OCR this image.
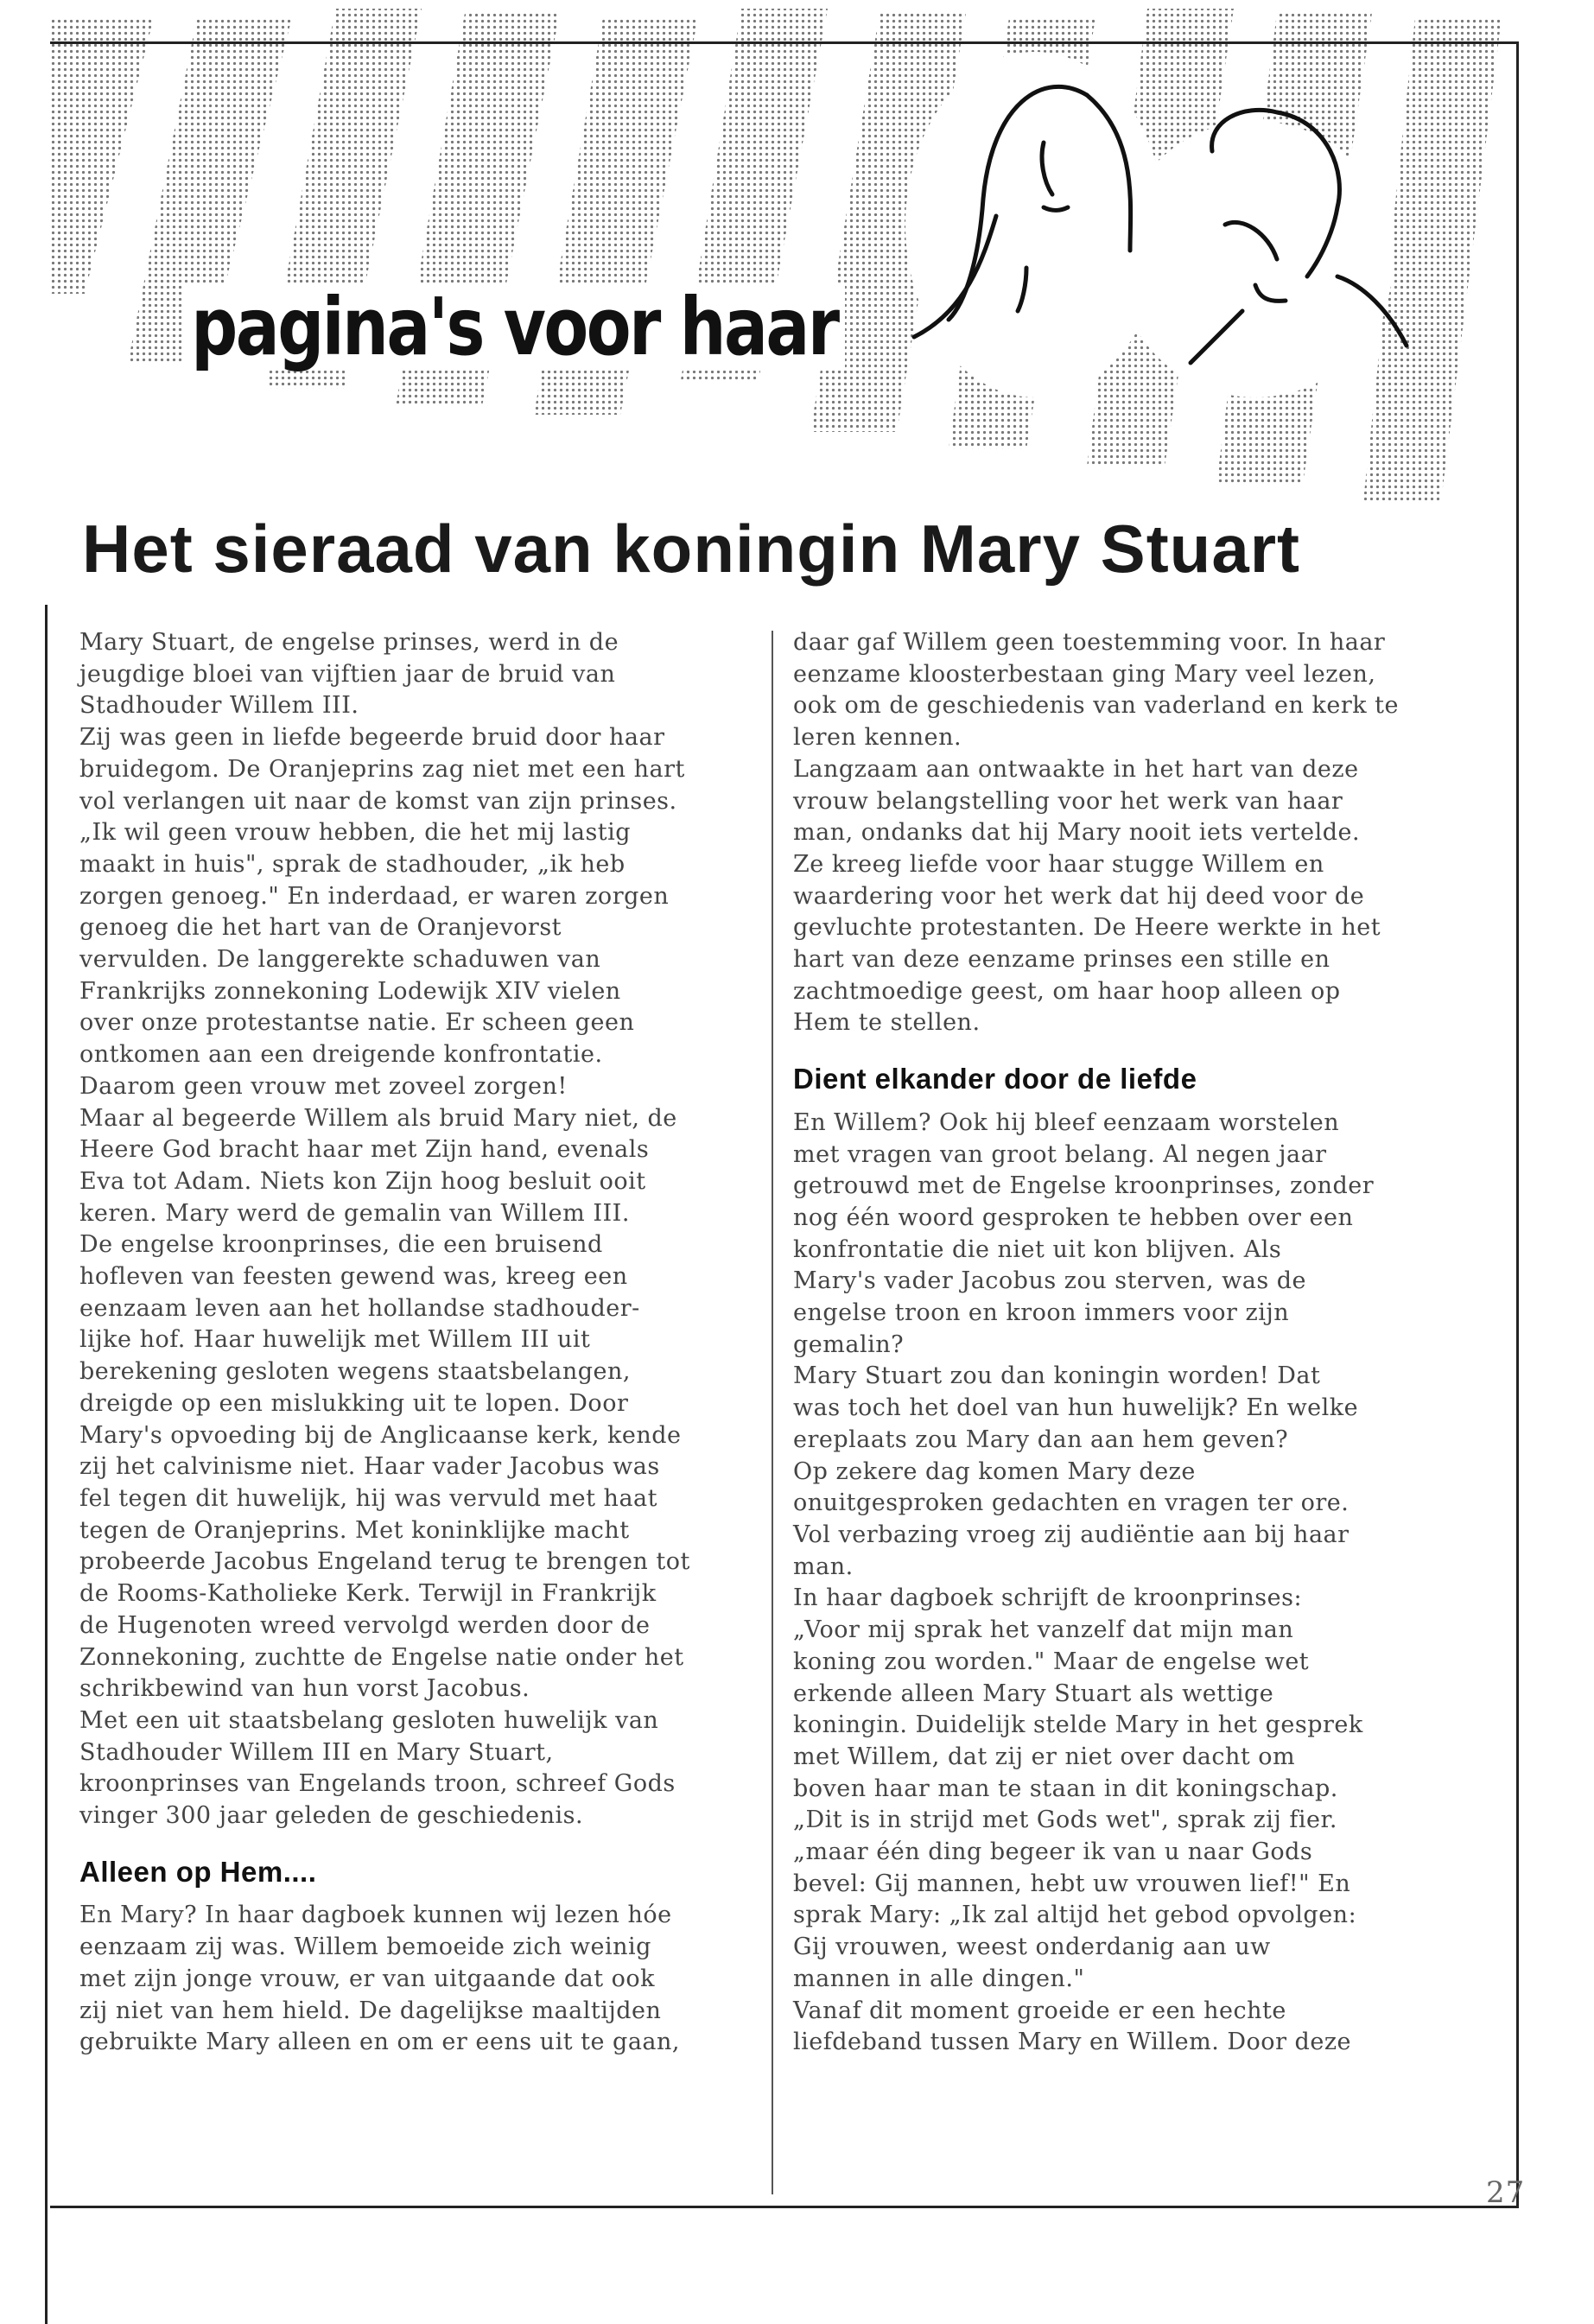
pagina's voor haar
Het sieraad van koningin Mary Stuart

Mary Stuart, de engelse prinses, werd in de

jeugdige bloei van vijftien jaar de bruid van

Stadhouder Willem III.

Zij was geen in liefde begeerde bruid door haar

bruidegom. De Oranjeprins zag niet met een hart

vol verlangen uit naar de komst van zijn prinses.

„Ik wil geen vrouw hebben, die het mij lastig

maakt in huis", sprak de stadhouder, „ik heb

zorgen genoeg." En inderdaad, er waren zorgen

genoeg die het hart van de Oranjevorst

vervulden. De langgerekte schaduwen van

Frankrijks zonnekoning Lodewijk XIV vielen

over onze protestantse natie. Er scheen geen

ontkomen aan een dreigende konfrontatie.

Daarom geen vrouw met zoveel zorgen!

Maar al begeerde Willem als bruid Mary niet, de

Heere God bracht haar met Zijn hand, evenals

Eva tot Adam. Niets kon Zijn hoog besluit ooit

keren. Mary werd de gemalin van Willem III.

De engelse kroonprinses, die een bruisend

hofleven van feesten gewend was, kreeg een

eenzaam leven aan het hollandse stadhouder-

lijke hof. Haar huwelijk met Willem III uit

berekening gesloten wegens staatsbelangen,

dreigde op een mislukking uit te lopen. Door

Mary's opvoeding bij de Anglicaanse kerk, kende

zij het calvinisme niet. Haar vader Jacobus was

fel tegen dit huwelijk, hij was vervuld met haat

tegen de Oranjeprins. Met koninklijke macht

probeerde Jacobus Engeland terug te brengen tot

de Rooms-Katholieke Kerk. Terwijl in Frankrijk

de Hugenoten wreed vervolgd werden door de

Zonnekoning, zuchtte de Engelse natie onder het

schrikbewind van hun vorst Jacobus.

Met een uit staatsbelang gesloten huwelijk van

Stadhouder Willem III en Mary Stuart,

kroonprinses van Engelands troon, schreef Gods

vinger 300 jaar geleden de geschiedenis.

Alleen op Hem....

En Mary? In haar dagboek kunnen wij lezen hóe

eenzaam zij was. Willem bemoeide zich weinig

met zijn jonge vrouw, er van uitgaande dat ook

zij niet van hem hield. De dagelijkse maaltijden

gebruikte Mary alleen en om er eens uit te gaan,

daar gaf Willem geen toestemming voor. In haar

eenzame kloosterbestaan ging Mary veel lezen,

ook om de geschiedenis van vaderland en kerk te

leren kennen.

Langzaam aan ontwaakte in het hart van deze

vrouw belangstelling voor het werk van haar

man, ondanks dat hij Mary nooit iets vertelde.

Ze kreeg liefde voor haar stugge Willem en

waardering voor het werk dat hij deed voor de

gevluchte protestanten. De Heere werkte in het

hart van deze eenzame prinses een stille en

zachtmoedige geest, om haar hoop alleen op

Hem te stellen.

Dient elkander door de liefde

En Willem? Ook hij bleef eenzaam worstelen

met vragen van groot belang. Al negen jaar

getrouwd met de Engelse kroonprinses, zonder

nog één woord gesproken te hebben over een

konfrontatie die niet uit kon blijven. Als

Mary's vader Jacobus zou sterven, was de

engelse troon en kroon immers voor zijn

gemalin?

Mary Stuart zou dan koningin worden! Dat

was toch het doel van hun huwelijk? En welke

ereplaats zou Mary dan aan hem geven?

Op zekere dag komen Mary deze

onuitgesproken gedachten en vragen ter ore.

Vol verbazing vroeg zij audiëntie aan bij haar

man.

In haar dagboek schrijft de kroonprinses:

„Voor mij sprak het vanzelf dat mijn man

koning zou worden." Maar de engelse wet

erkende alleen Mary Stuart als wettige

koningin. Duidelijk stelde Mary in het gesprek

met Willem, dat zij er niet over dacht om

boven haar man te staan in dit koningschap.

„Dit is in strijd met Gods wet", sprak zij fier.

„maar één ding begeer ik van u naar Gods

bevel: Gij mannen, hebt uw vrouwen lief!" En

sprak Mary: „Ik zal altijd het gebod opvolgen:

Gij vrouwen, weest onderdanig aan uw

mannen in alle dingen."

Vanaf dit moment groeide er een hechte

liefdeband tussen Mary en Willem. Door deze

27
